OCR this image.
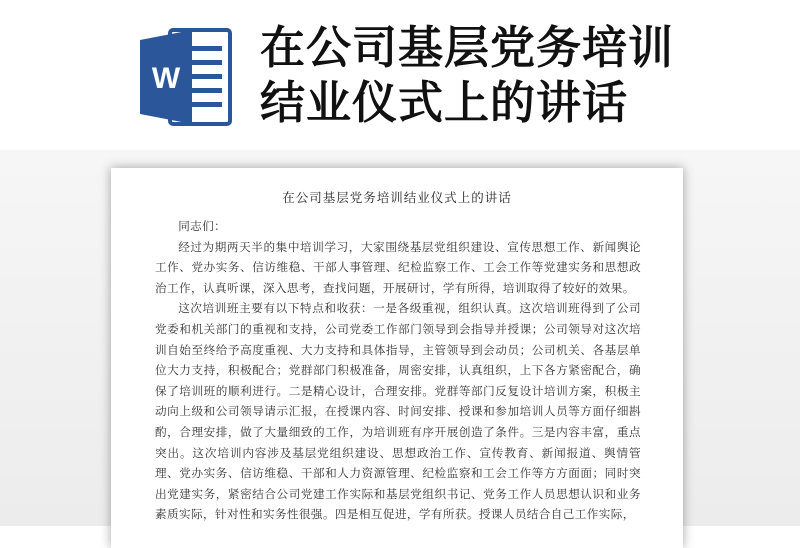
W
在公司基层党务培训
结业仪式上的讲话
在公司基层党务培训结业仪式上的讲话

同志们：

经过为期两天半的集中培训学习，大家围绕基层党组织建设、宣传思想工作、新闻舆论工作、党办实务、信访维稳、干部人事管理、纪检监察工作、工会工作等党建实务和思想政治工作，认真听课，深入思考，查找问题，开展研讨，学有所得，培训取得了较好的效果。

这次培训班主要有以下特点和收获：一是各级重视，组织认真。这次培训班得到了公司党委和机关部门的重视和支持，公司党委工作部门领导到会指导并授课；公司领导对这次培训自始至终给予高度重视、大力支持和具体指导，主管领导到会动员；公司机关、各基层单位大力支持，积极配合；党群部门积极准备，周密安排，认真组织，上下各方紧密配合，确保了培训班的顺利进行。二是精心设计，合理安排。党群等部门反复设计培训方案，积极主动向上级和公司领导请示汇报，在授课内容、时间安排、授课和参加培训人员等方面仔细斟酌，合理安排，做了大量细致的工作，为培训班有序开展创造了条件。三是内容丰富，重点突出。这次培训内容涉及基层党组织建设、思想政治工作、宣传教育、新闻报道、舆情管理、党办实务、信访维稳、干部和人力资源管理、纪检监察和工会工作等方方面面；同时突出党建实务，紧密结合公司党建工作实际和基层党组织书记、党务工作人员思想认识和业务素质实际，针对性和实务性很强。四是相互促进，学有所获。授课人员结合自己工作实际，
